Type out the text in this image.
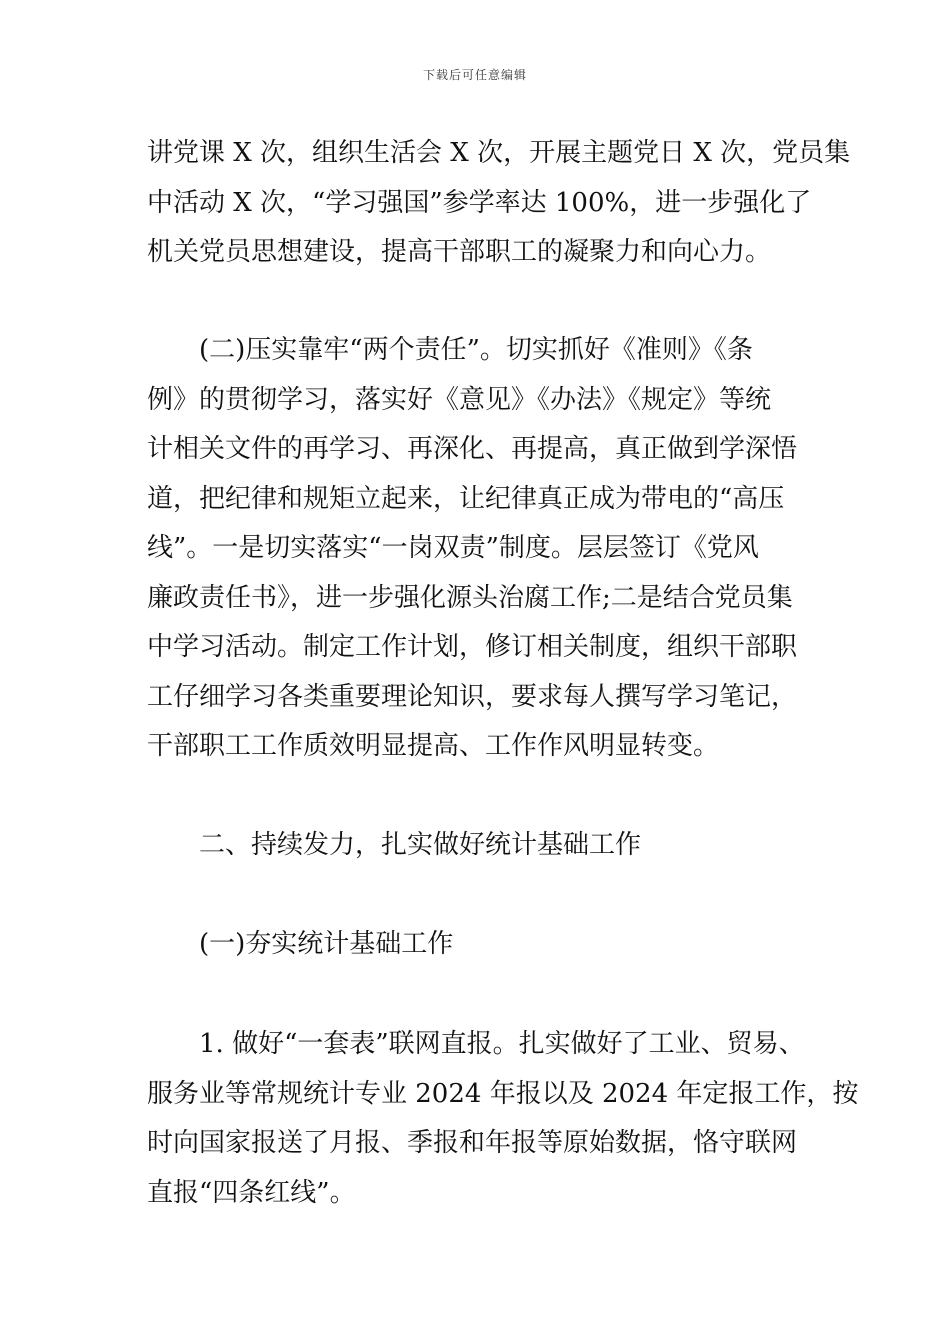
下载后可任意编辑
讲党课 X 次，组织生活会 X 次，开展主题党日 X 次，党员集
中活动 X 次，“学习强国”参学率达 100%，进一步强化了
机关党员思想建设，提高干部职工的凝聚力和向心力。
(二)压实靠牢“两个责任”。切实抓好《准则》《条
例》的贯彻学习，落实好《意见》《办法》《规定》等统
计相关文件的再学习、再深化、再提高，真正做到学深悟
道，把纪律和规矩立起来，让纪律真正成为带电的“高压
线”。一是切实落实“一岗双责”制度。层层签订《党风
廉政责任书》，进一步强化源头治腐工作;二是结合党员集
中学习活动。制定工作计划，修订相关制度，组织干部职
工仔细学习各类重要理论知识，要求每人撰写学习笔记，
干部职工工作质效明显提高、工作作风明显转变。
二、持续发力，扎实做好统计基础工作
(一)夯实统计基础工作
1. 做好“一套表”联网直报。扎实做好了工业、贸易、
服务业等常规统计专业 2024 年报以及 2024 年定报工作，按
时向国家报送了月报、季报和年报等原始数据，恪守联网
直报“四条红线”。
